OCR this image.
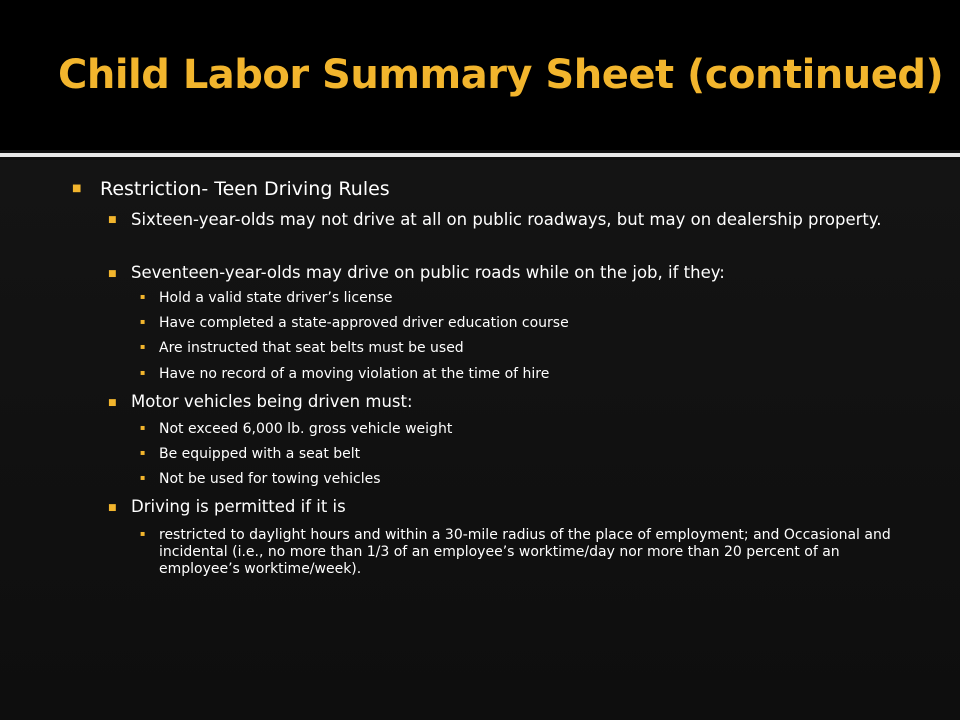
Child Labor Summary Sheet (continued)
■ Restriction- Teen Driving Rules
■ Sixteen-year-olds may not drive at all on public roadways, but may on dealership property.
■ Seventeen-year-olds may drive on public roads while on the job, if they:
▪ Hold a valid state driver’s license
▪ Have completed a state-approved driver education course
▪ Are instructed that seat belts must be used
▪ Have no record of a moving violation at the time of hire
■ Motor vehicles being driven must:
▪ Not exceed 6,000 lb. gross vehicle weight
▪ Be equipped with a seat belt
▪ Not be used for towing vehicles
■ Driving is permitted if it is
▪ restricted to daylight hours and within a 30-mile radius of the place of employment; and Occasional and incidental (i.e., no more than 1/3 of an employee’s worktime/day nor more than 20 percent of an employee’s worktime/week).
